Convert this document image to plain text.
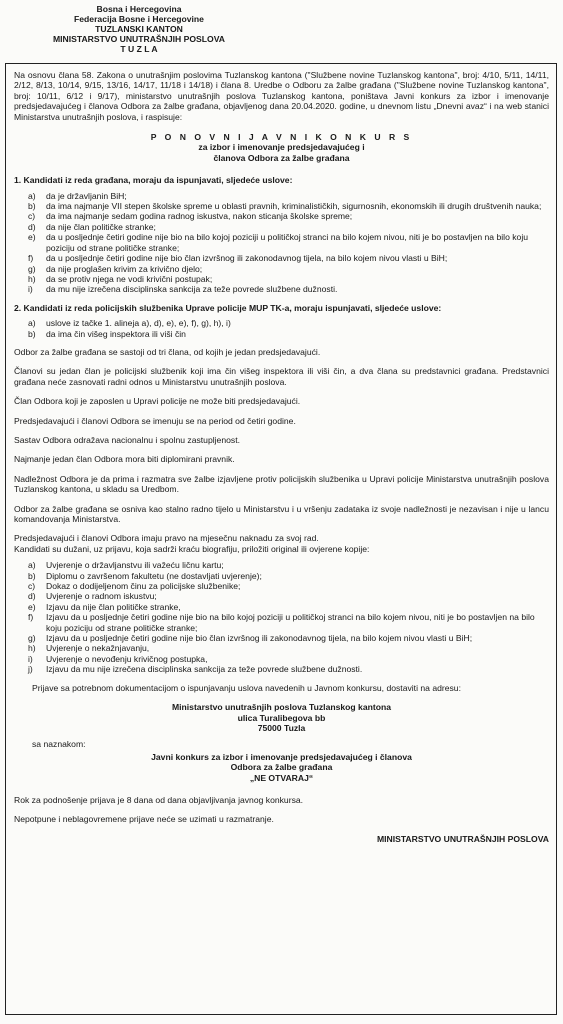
Bosna i Hercegovina
Federacija Bosne i Hercegovine
TUZLANSKI KANTON
MINISTARSTVO UNUTRAŠNJIH POSLOVA
T U Z L A

Na osnovu člana 58. Zakona o unutrašnjim poslovima Tuzlanskog kantona ("Službene novine Tuzlanskog kantona", broj: 4/10, 5/11, 14/11, 2/12, 8/13, 10/14, 9/15, 13/16, 14/17, 11/18 i 14/18) i člana 8. Uredbe o Odboru za žalbe građana ("Službene novine Tuzlanskog kantona", broj: 10/11, 6/12 i 9/17), ministarstvo unutrašnjih poslova Tuzlanskog kantona, poništava Javni konkurs za izbor i imenovanje predsjedavajućeg i članova Odbora za žalbe građana, objavljenog dana 20.04.2020. godine, u dnevnom listu „Dnevni avaz“ i na web stanici Ministarstva unutrašnjih poslova, i raspisuje:

P O N O V N I J A V N I K O N K U R S
za izbor i imenovanje predsjedavajućeg i
članova Odbora za žalbe građana
1. Kandidati iz reda građana, moraju da ispunjavati, sljedeće uslove:
a)	da je državljanin BiH;
b)	da ima najmanje VII stepen školske spreme u oblasti pravnih, kriminalističkih, sigurnosnih, ekonomskih ili drugih društvenih nauka;
c)	da ima najmanje sedam godina radnog iskustva, nakon sticanja školske spreme;
d)	da nije član političke stranke;
e)	da u posljednje četiri godine nije bio na bilo kojoj poziciji u političkoj stranci na bilo kojem nivou, niti je bo postavljen na bilo koju poziciju od strane političke stranke;
f)	da u posljednje četiri godine nije bio član izvršnog ili zakonodavnog tijela, na bilo kojem nivou vlasti u BiH;
g)	da nije proglašen krivim za krivično djelo;
h)	da se protiv njega ne vodi krivični postupak;
i)	da mu nije izrečena disciplinska sankcija za teže povrede službene dužnosti.
2. Kandidati iz reda policijskih službenika Uprave policije MUP TK-a, moraju ispunjavati, sljedeće uslove:
a)	uslove iz tačke 1. alineja a), d), e), e), f), g), h), i)
b)	da ima čin višeg inspektora ili viši čin

Odbor za žalbe građana se sastoji od tri člana, od kojih je jedan predsjedavajući.

Članovi su jedan član je policijski službenik koji ima čin višeg inspektora ili viši čin, a dva člana su predstavnici građana. Predstavnici građana neće zasnovati radni odnos u Ministarstvu unutrašnjih poslova.

Član Odbora koji je zaposlen u Upravi policije ne može biti predsjedavajući.

Predsjedavajući i članovi Odbora se imenuju se na period od četiri godine.

Sastav Odbora odražava nacionalnu i spolnu zastupljenost.

Najmanje jedan član Odbora mora biti diplomirani pravnik.

Nadležnost Odbora je da prima i razmatra sve žalbe izjavljene protiv policijskih službenika u Upravi policije Ministarstva unutrašnjih poslova Tuzlanskog kantona, u skladu sa Uredbom.

Odbor za žalbe građana se osniva kao stalno radno tijelo u Ministarstvu i u vršenju zadataka iz svoje nadležnosti je nezavisan i nije u lancu komandovanja Ministarstva.

Predsjedavajući i članovi Odbora imaju pravo na mjesečnu naknadu za svoj rad.
Kandidati su dužani, uz prijavu, koja sadrži kraću biografiju, priložiti original ili ovjerene kopije:
a)	Uvjerenje o državljanstvu ili važeću ličnu kartu;
b)	Diplomu o završenom fakultetu (ne dostavljati uvjerenje);
c)	Dokaz o dodijeljenom činu za policijske službenike;
d)	Uvjerenje o radnom iskustvu;
e)	Izjavu da nije član političke stranke,
f)	Izjavu da u posljednje četiri godine nije bio na bilo kojoj poziciji u političkoj stranci na bilo kojem nivou, niti je bo postavljen na bilo koju poziciju od strane političke stranke;
g)	Izjavu da u posljednje četiri godine nije bio član izvršnog ili zakonodavnog tijela, na bilo kojem nivou vlasti u BiH;
h)	Uvjerenje o nekažnjavanju,
i)	Uvjerenje o nevođenju krivičnog postupka,
j)	Izjavu da mu nije izrečena disciplinska sankcija za teže povrede službene dužnosti.

Prijave sa potrebnom dokumentacijom o ispunjavanju uslova navedenih u Javnom konkursu, dostaviti na adresu:

Ministarstvo unutrašnjih poslova Tuzlanskog kantona
ulica Turalibegova bb
75000 Tuzla
sa naznakom:
Javni konkurs za izbor i imenovanje predsjedavajućeg i članova
Odbora za žalbe građana
„NE OTVARAJ“

Rok za podnošenje prijava je 8 dana od dana objavljivanja javnog konkursa.

Nepotpune i neblagovremene prijave neće se uzimati u razmatranje.

MINISTARSTVO UNUTRAŠNJIH POSLOVA
